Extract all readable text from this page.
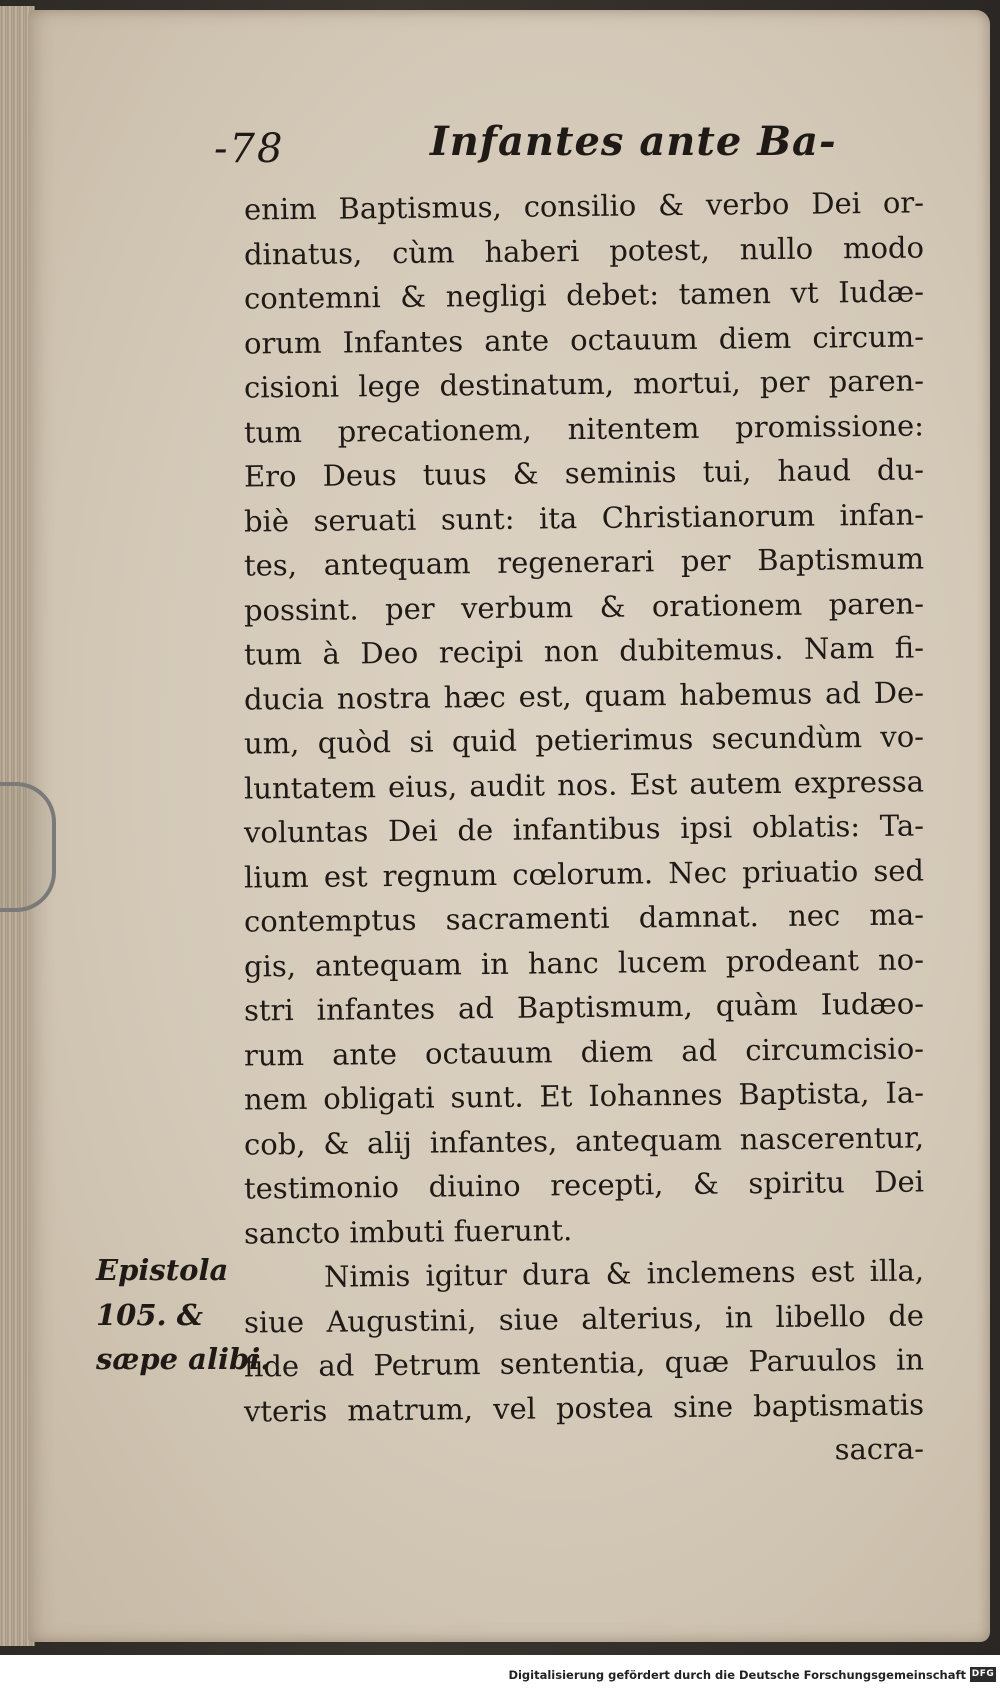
-78	Infantes ante Ba-
enim Baptismus, consilio & verbo Dei or-
dinatus, cùm haberi potest, nullo modo
contemni & negligi debet: tamen vt Iudæ-
orum Infantes ante octauum diem circum-
cisioni lege destinatum, mortui, per paren-
tum precationem, nitentem promissione:
Ero Deus tuus & seminis tui, haud du-
biè seruati sunt: ita Christianorum infan-
tes, antequam regenerari per Baptismum
possint. per verbum & orationem paren-
tum à Deo recipi non dubitemus. Nam fi-
ducia nostra hæc est, quam habemus ad De-
um, quòd si quid petierimus secundùm vo-
luntatem eius, audit nos. Est autem expressa
voluntas Dei de infantibus ipsi oblatis: Ta-
lium est regnum cœlorum. Nec priuatio sed
contemptus sacramenti damnat. nec ma-
gis, antequam in hanc lucem prodeant no-
stri infantes ad Baptismum, quàm Iudæo-
rum ante octauum diem ad circumcisio-
nem obligati sunt. Et Iohannes Baptista, Ia-
cob, & alij infantes, antequam nascerentur,
testimonio diuino recepti, & spiritu Dei
sancto imbuti fuerunt.
Nimis igitur dura & inclemens est illa,
siue Augustini, siue alterius, in libello de
fide ad Petrum sententia, quæ Paruulos in
vteris matrum, vel postea sine baptismatis
sacra-
Epistola
105. &
sæpe alibi.
Digitalisierung gefördert durch die Deutsche Forschungsgemeinschaft DFG
